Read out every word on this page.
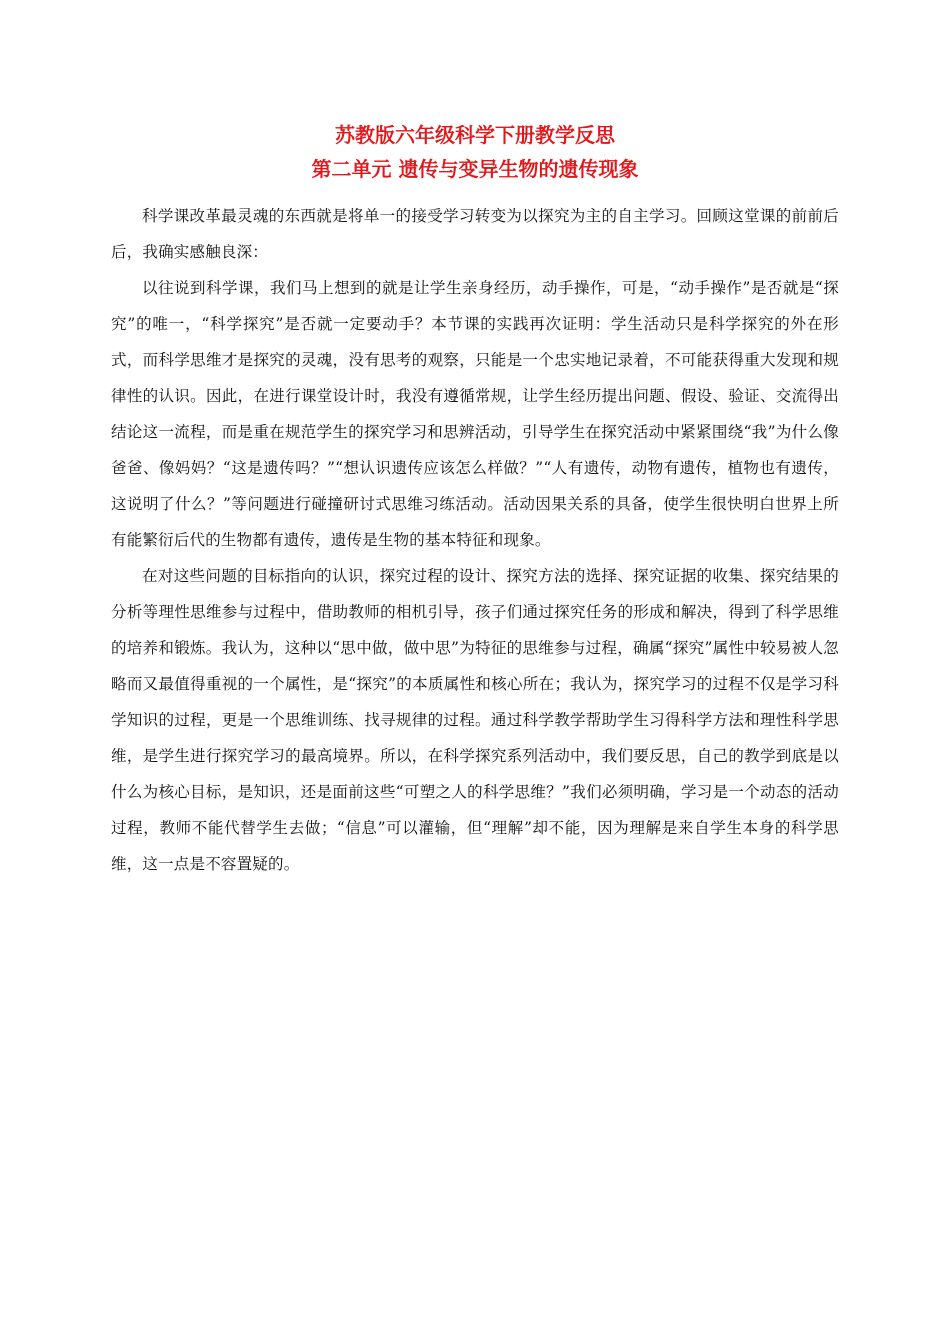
苏教版六年级科学下册教学反思
第二单元 遗传与变异生物的遗传现象

科学课改革最灵魂的东西就是将单一的接受学习转变为以探究为主的自主学习。回顾这堂课的前前后后，我确实感触良深：

以往说到科学课，我们马上想到的就是让学生亲身经历，动手操作，可是，“动手操作”是否就是“探究”的唯一，“科学探究”是否就一定要动手？本节课的实践再次证明：学生活动只是科学探究的外在形式，而科学思维才是探究的灵魂，没有思考的观察，只能是一个忠实地记录着，不可能获得重大发现和规律性的认识。因此，在进行课堂设计时，我没有遵循常规，让学生经历提出问题、假设、验证、交流得出结论这一流程，而是重在规范学生的探究学习和思辨活动，引导学生在探究活动中紧紧围绕“我”为什么像爸爸、像妈妈？“这是遗传吗？”“想认识遗传应该怎么样做？”“人有遗传，动物有遗传，植物也有遗传，这说明了什么？”等问题进行碰撞研讨式思维习练活动。活动因果关系的具备，使学生很快明白世界上所有能繁衍后代的生物都有遗传，遗传是生物的基本特征和现象。

在对这些问题的目标指向的认识，探究过程的设计、探究方法的选择、探究证据的收集、探究结果的分析等理性思维参与过程中，借助教师的相机引导，孩子们通过探究任务的形成和解决，得到了科学思维的培养和锻炼。我认为，这种以“思中做，做中思”为特征的思维参与过程，确属“探究”属性中较易被人忽略而又最值得重视的一个属性，是“探究”的本质属性和核心所在；我认为，探究学习的过程不仅是学习科学知识的过程，更是一个思维训练、找寻规律的过程。通过科学教学帮助学生习得科学方法和理性科学思维，是学生进行探究学习的最高境界。所以，在科学探究系列活动中，我们要反思，自己的教学到底是以什么为核心目标，是知识，还是面前这些“可塑之人的科学思维？”我们必须明确，学习是一个动态的活动过程，教师不能代替学生去做；“信息”可以灌输，但“理解”却不能，因为理解是来自学生本身的科学思维，这一点是不容置疑的。
